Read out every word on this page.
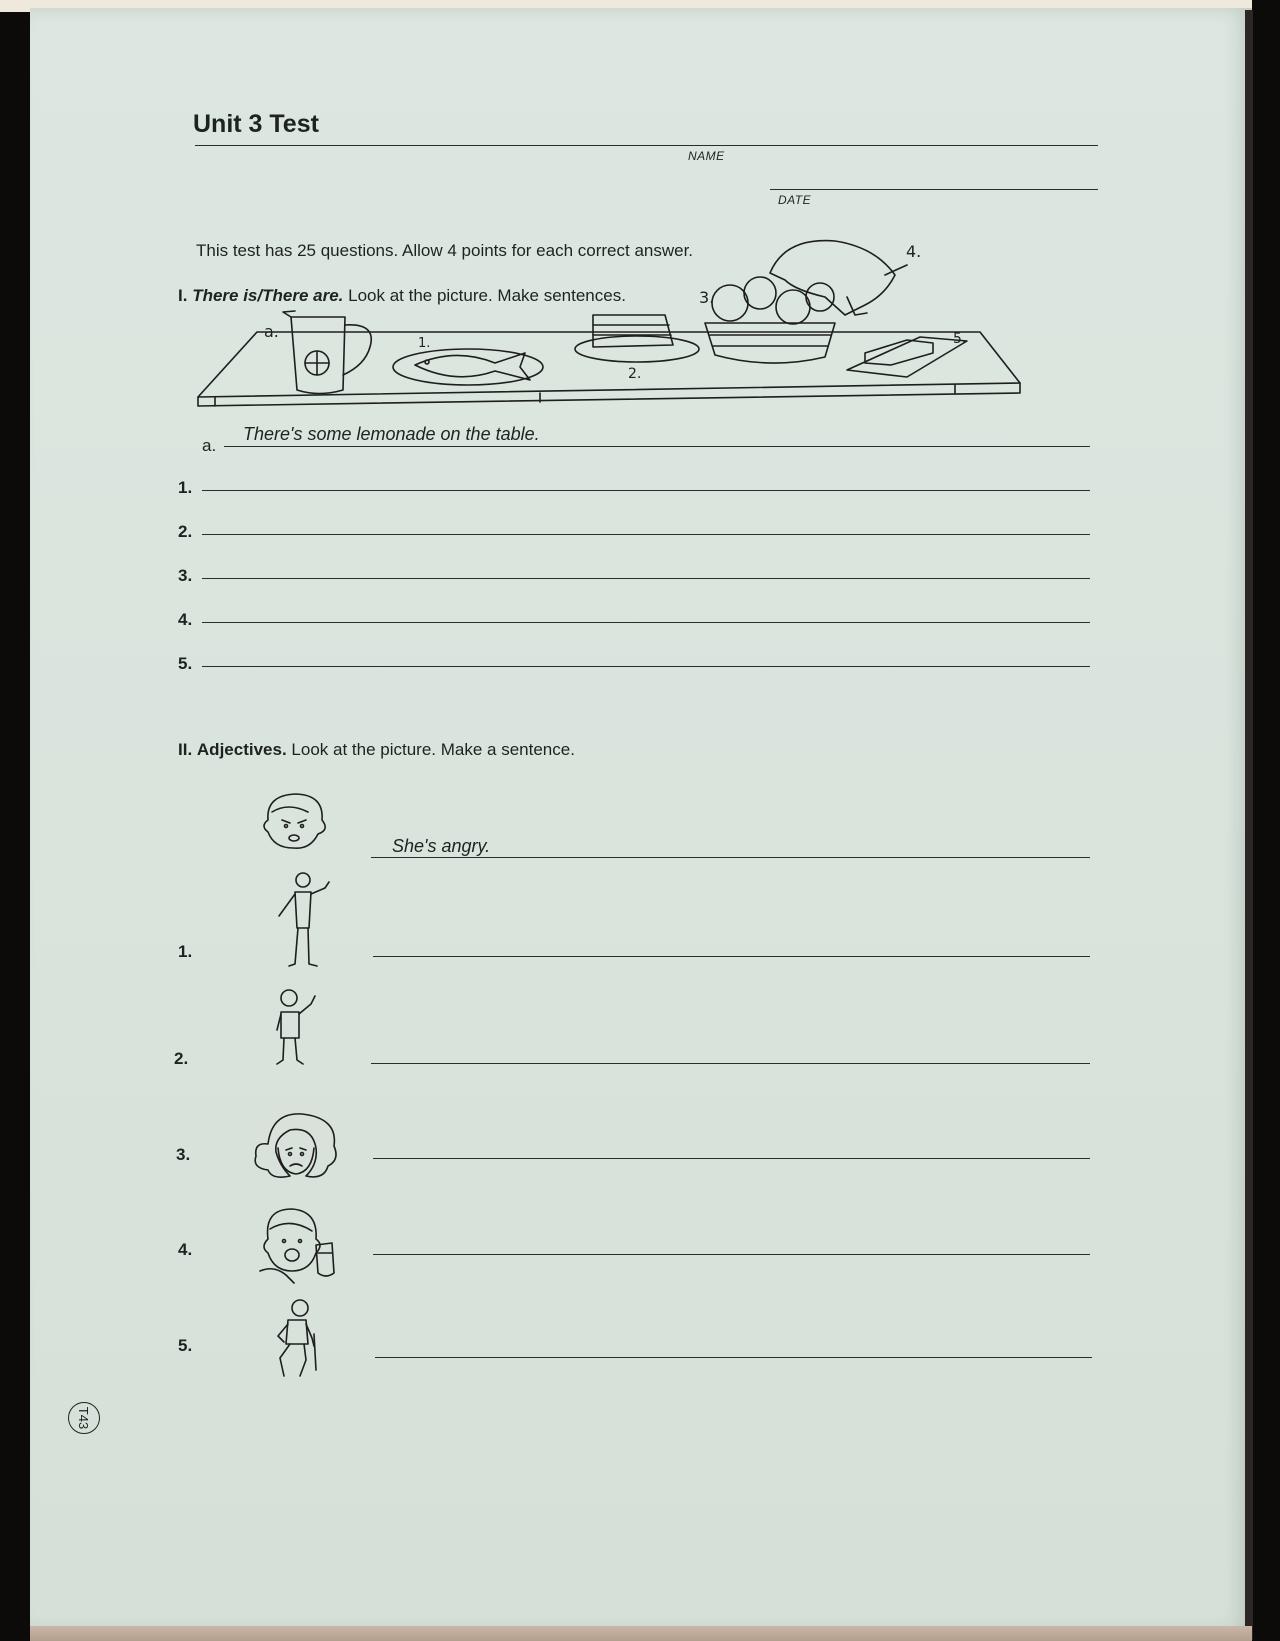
Unit 3 Test
NAME
DATE
This test has 25 questions. Allow 4 points for each correct answer.
I. There is/There are. Look at the picture. Make sentences.
a.
1.
2.
3.
4.
5.
a.
There's some lemonade on the table.
1.
2.
3.
4.
5.
II. Adjectives. Look at the picture. Make a sentence.
She's angry.
1.
2.
3.
4.
5.
T43
